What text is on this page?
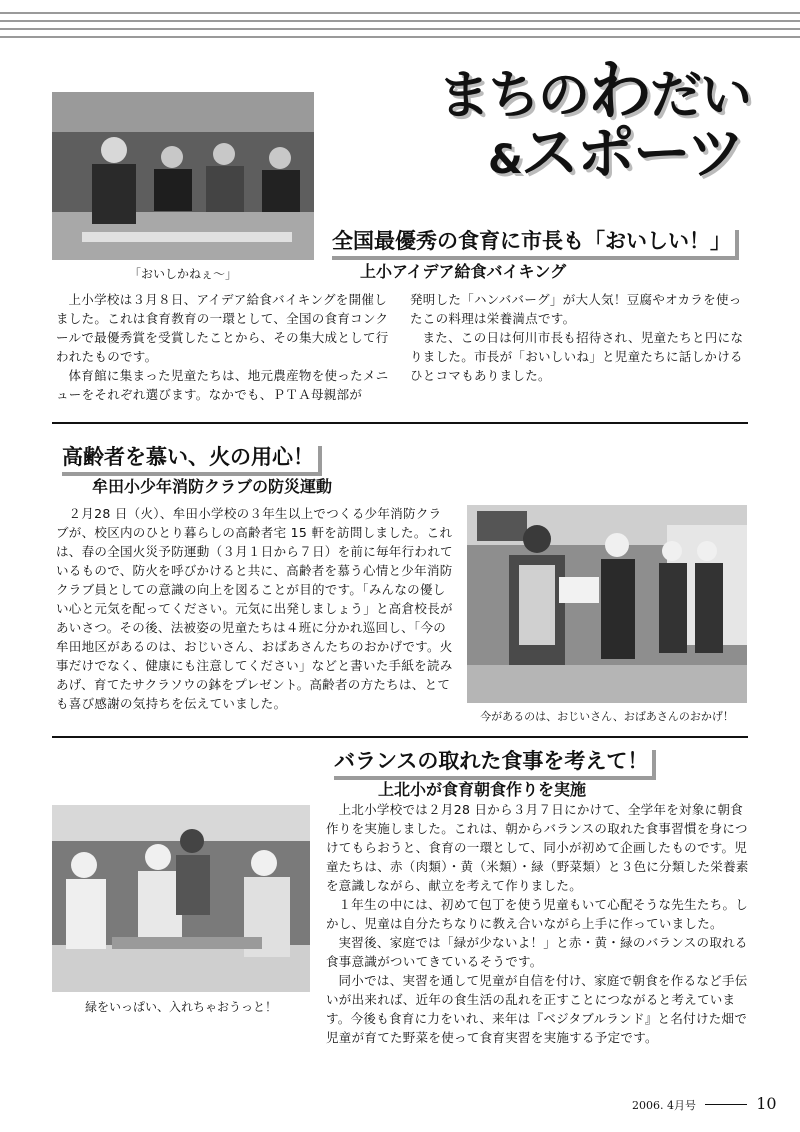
まちのわだい
&スポーツ
「おいしかねぇ～」
全国最優秀の食育に市長も「おいしい！」
上小アイデア給食バイキング

上小学校は３月８日、アイデア給食バイキングを開催しました。これは食育教育の一環として、全国の食育コンクールで最優秀賞を受賞したことから、その集大成として行われたものです。

体育館に集まった児童たちは、地元農産物を使ったメニューをそれぞれ選びます。なかでも、ＰＴＡ母親部が

発明した「ハンババーグ」が大人気！豆腐やオカラを使ったこの料理は栄養満点です。

また、この日は何川市長も招待され、児童たちと円になりました。市長が「おいしいね」と児童たちに話しかけるひとコマもありました。

高齢者を慕い、火の用心！
牟田小少年消防クラブの防災運動

２月28 日（火）、牟田小学校の３年生以上でつくる少年消防クラブが、校区内のひとり暮らしの高齢者宅 15 軒を訪問しました。これは、春の全国火災予防運動（３月１日から７日）を前に毎年行われているもので、防火を呼びかけると共に、高齢者を慕う心情と少年消防クラブ員としての意識の向上を図ることが目的です。「みんなの優しい心と元気を配ってください。元気に出発しましょう」と高倉校長があいさつ。その後、法被姿の児童たちは４班に分かれ巡回し、「今の牟田地区があるのは、おじいさん、おばあさんたちのおかげです。火事だけでなく、健康にも注意してください」などと書いた手紙を読みあげ、育てたサクラソウの鉢をプレゼント。高齢者の方たちは、とても喜び感謝の気持ちを伝えていました。

今があるのは、おじいさん、おばあさんのおかげ！
バランスの取れた食事を考えて！
上北小が食育朝食作りを実施
緑をいっぱい、入れちゃおうっと！

上北小学校では２月28 日から３月７日にかけて、全学年を対象に朝食作りを実施しました。これは、朝からバランスの取れた食事習慣を身につけてもらおうと、食育の一環として、同小が初めて企画したものです。児童たちは、赤（肉類）・黄（米類）・緑（野菜類）と３色に分類した栄養素を意識しながら、献立を考えて作りました。

１年生の中には、初めて包丁を使う児童もいて心配そうな先生たち。しかし、児童は自分たちなりに教え合いながら上手に作っていました。

実習後、家庭では「緑が少ないよ！」と赤・黄・緑のバランスの取れる食事意識がついてきているそうです。

同小では、実習を通して児童が自信を付け、家庭で朝食を作るなど手伝いが出来れば、近年の食生活の乱れを正すことにつながると考えています。今後も食育に力をいれ、来年は『ベジタブルランド』と名付けた畑で児童が育てた野菜を使って食育実習を実施する予定です。

2006. 4月号	10
